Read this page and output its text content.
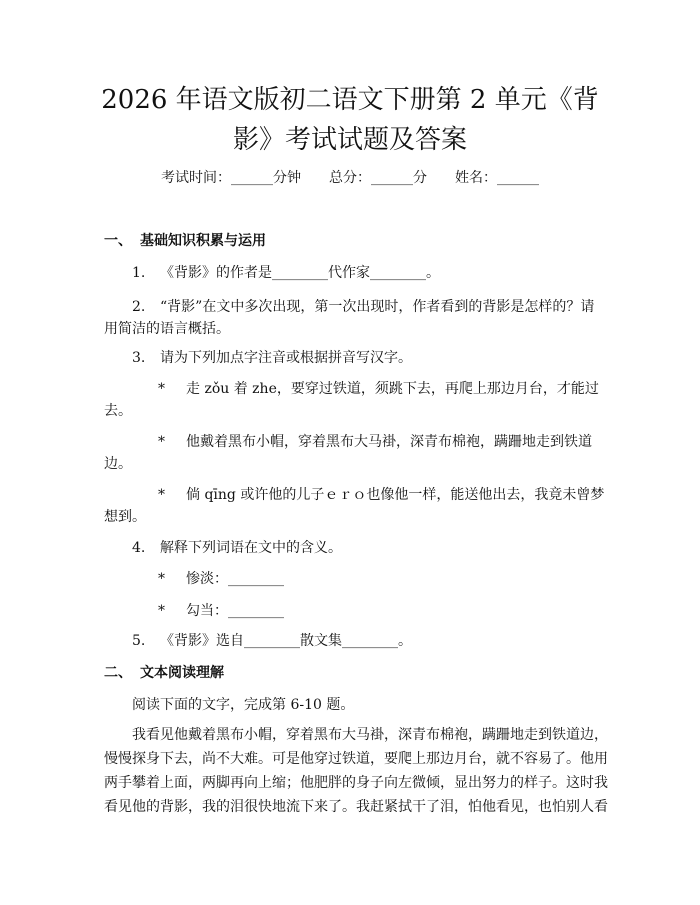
2026 年语文版初二语文下册第 2 单元《背
影》考试试题及答案
考试时间：______分钟 总分：______分 姓名：______
一、 基础知识积累与运用
1. 《背影》的作者是________代作家________。
2. “背影”在文中多次出现，第一次出现时，作者看到的背影是怎样的？请
用简洁的语言概括。
3. 请为下列加点字注音或根据拼音写汉字。
* 走 zǒu 着 zhe，要穿过铁道，须跳下去，再爬上那边月台，才能过
去。
* 他戴着黑布小帽，穿着黑布大马褂，深青布棉袍，蹒跚地走到铁道
边。
* 倘 qīng 或许他的儿子ｅｒｏ也像他一样，能送他出去，我竟未曾梦
想到。
4. 解释下列词语在文中的含义。
* 惨淡：________
* 勾当：________
5. 《背影》选自________散文集________。
二、 文本阅读理解
阅读下面的文字，完成第 6-10 题。
我看见他戴着黑布小帽，穿着黑布大马褂，深青布棉袍，蹒跚地走到铁道边，
慢慢探身下去，尚不大难。可是他穿过铁道，要爬上那边月台，就不容易了。他用
两手攀着上面，两脚再向上缩；他肥胖的身子向左微倾，显出努力的样子。这时我
看见他的背影，我的泪很快地流下来了。我赶紧拭干了泪，怕他看见，也怕别人看
